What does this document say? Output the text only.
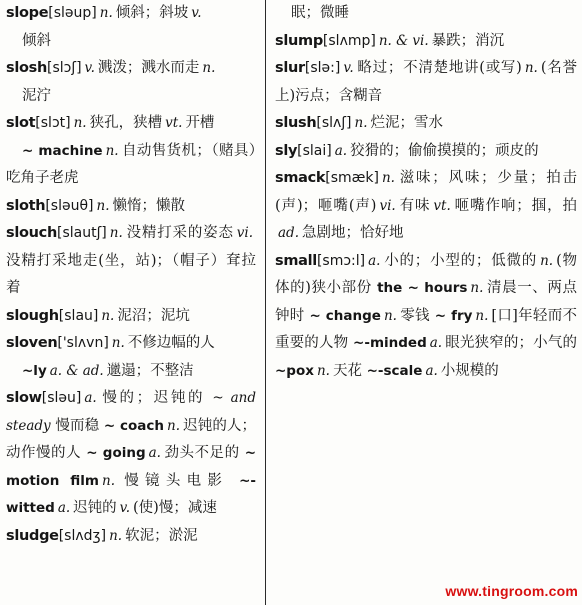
slope[slәup] n. 倾斜；斜坡 v.
倾斜

slosh[slɔʃ] v. 溅泼；溅水而走 n.
泥泞

slot[slɔt] n. 狭孔，狭槽 vt. 开槽
~ machine n. 自动售货机；（赌具）吃角子老虎

sloth[slәuθ] n. 懒惰；懒散

slouch[slautʃ] n. 没精打采的姿态 vi.没精打采地走(坐，站)；（帽子）耷拉着

slough[slau] n. 泥沼；泥坑

sloven['slʌvn] n. 不修边幅的人
~ly a. & ad. 邋遢；不整洁

slow[slәu] a. 慢的；迟钝的 ~ and steady 慢而稳 ~ coach n. 迟钝的人；动作慢的人 ~ going a. 劲头不足的 ~ motion film n. 慢镜头电影 ~-witted a. 迟钝的 v. (使)慢；减速

sludge[slʌdʒ] n. 软泥；淤泥

眠；微睡

slump[slʌmp] n. & vi. 暴跌；消沉

slur[slә:] v. 略过；不清楚地讲(或写) n. (名誉上)污点；含糊音

slush[slʌʃ] n. 烂泥；雪水

sly[slai] a. 狡猾的；偷偷摸摸的；顽皮的

smack[smæk] n. 滋味；风味；少量；拍击(声)；咂嘴(声) vi. 有味 vt. 咂嘴作响；掴，拍ad. 急剧地；恰好地

small[smɔ:l] a. 小的；小型的；低微的 n. (物体的)狭小部份 the ~ hours n. 清晨一、两点钟时 ~ change n. 零钱 ~ fry n. [口]年轻而不重要的人物 ~-minded a. 眼光狭窄的；小气的 ~pox n. 天花 ~-scale a. 小规模的

www.tingroom.com
